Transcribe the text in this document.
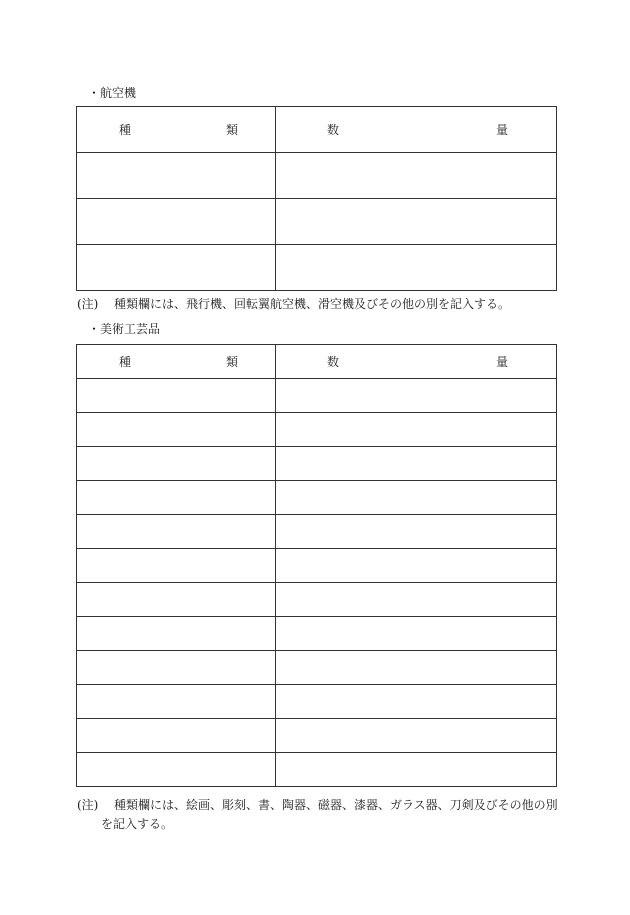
・航空機
種 類	数 量

(注) 種類欄には、飛行機、回転翼航空機、滑空機及びその他の別を記入する。
・美術工芸品
種 類	数 量

(注) 種類欄には、絵画、彫刻、書、陶器、磁器、漆器、ガラス器、刀剣及びその他の別
を記入する。
